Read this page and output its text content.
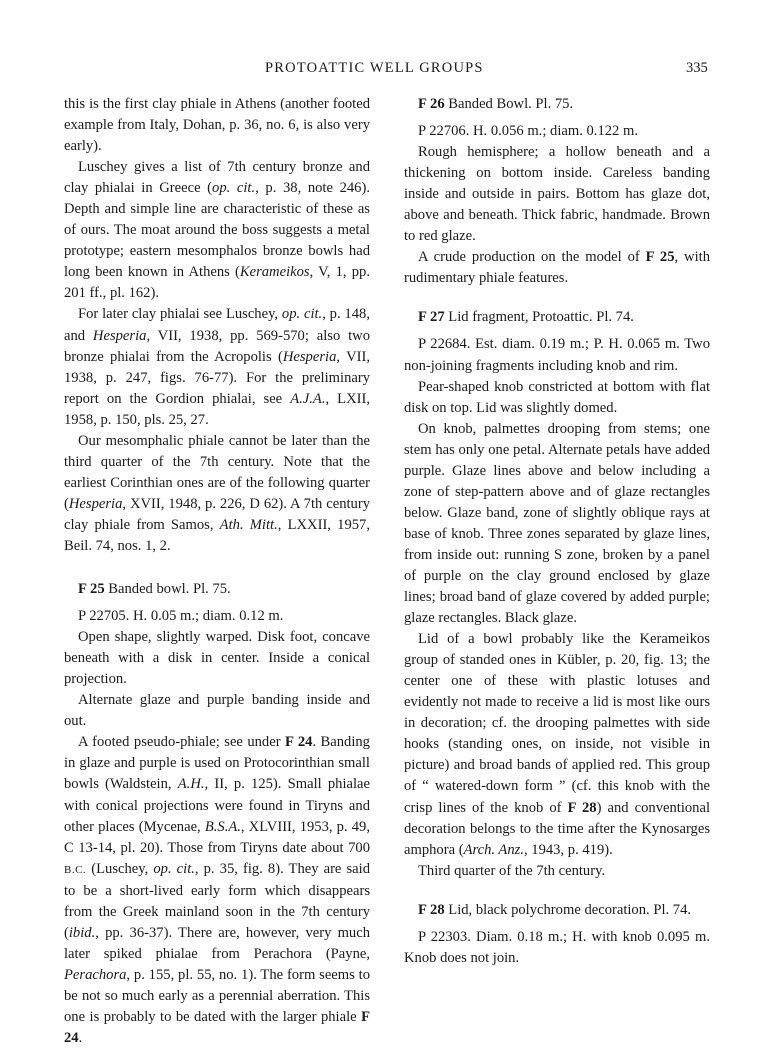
PROTOATTIC WELL GROUPS	335

this is the first clay phiale in Athens (another footed example from Italy, Dohan, p. 36, no. 6, is also very early).

Luschey gives a list of 7th century bronze and clay phialai in Greece (op. cit., p. 38, note 246). Depth and simple line are characteristic of these as of ours. The moat around the boss suggests a metal prototype; eastern mesomphalos bronze bowls had long been known in Athens (Kerameikos, V, 1, pp. 201 ff., pl. 162).

For later clay phialai see Luschey, op. cit., p. 148, and Hesperia, VII, 1938, pp. 569-570; also two bronze phialai from the Acropolis (Hesperia, VII, 1938, p. 247, figs. 76-77). For the preliminary report on the Gordion phialai, see A.J.A., LXII, 1958, p. 150, pls. 25, 27.

Our mesomphalic phiale cannot be later than the third quarter of the 7th century. Note that the earliest Corinthian ones are of the following quarter (Hesperia, XVII, 1948, p. 226, D 62). A 7th century clay phiale from Samos, Ath. Mitt., LXXII, 1957, Beil. 74, nos. 1, 2.

F 25 Banded bowl. Pl. 75.

P 22705. H. 0.05 m.; diam. 0.12 m.

Open shape, slightly warped. Disk foot, concave beneath with a disk in center. Inside a conical projection.

Alternate glaze and purple banding inside and out.

A footed pseudo-phiale; see under F 24. Banding in glaze and purple is used on Protocorinthian small bowls (Waldstein, A.H., II, p. 125). Small phialae with conical projections were found in Tiryns and other places (Mycenae, B.S.A., XLVIII, 1953, p. 49, C 13-14, pl. 20). Those from Tiryns date about 700 B.C. (Luschey, op. cit., p. 35, fig. 8). They are said to be a short-lived early form which disappears from the Greek mainland soon in the 7th century (ibid., pp. 36-37). There are, however, very much later spiked phialae from Perachora (Payne, Perachora, p. 155, pl. 55, no. 1). The form seems to be not so much early as a perennial aberration. This one is probably to be dated with the larger phiale F 24.

F 26 Banded Bowl. Pl. 75.

P 22706. H. 0.056 m.; diam. 0.122 m.

Rough hemisphere; a hollow beneath and a thickening on bottom inside. Careless banding inside and outside in pairs. Bottom has glaze dot, above and beneath. Thick fabric, handmade. Brown to red glaze.

A crude production on the model of F 25, with rudimentary phiale features.

F 27 Lid fragment, Protoattic. Pl. 74.

P 22684. Est. diam. 0.19 m.; P. H. 0.065 m. Two non-joining fragments including knob and rim.

Pear-shaped knob constricted at bottom with flat disk on top. Lid was slightly domed.

On knob, palmettes drooping from stems; one stem has only one petal. Alternate petals have added purple. Glaze lines above and below including a zone of step-pattern above and of glaze rectangles below. Glaze band, zone of slightly oblique rays at base of knob. Three zones separated by glaze lines, from inside out: running S zone, broken by a panel of purple on the clay ground enclosed by glaze lines; broad band of glaze covered by added purple; glaze rectangles. Black glaze.

Lid of a bowl probably like the Kerameikos group of standed ones in Kübler, p. 20, fig. 13; the center one of these with plastic lotuses and evidently not made to receive a lid is most like ours in decoration; cf. the drooping palmettes with side hooks (standing ones, on inside, not visible in picture) and broad bands of applied red. This group of “ watered-down form ” (cf. this knob with the crisp lines of the knob of F 28) and conventional decoration belongs to the time after the Kynosarges amphora (Arch. Anz., 1943, p. 419).

Third quarter of the 7th century.

F 28 Lid, black polychrome decoration. Pl. 74.

P 22303. Diam. 0.18 m.; H. with knob 0.095 m. Knob does not join.
